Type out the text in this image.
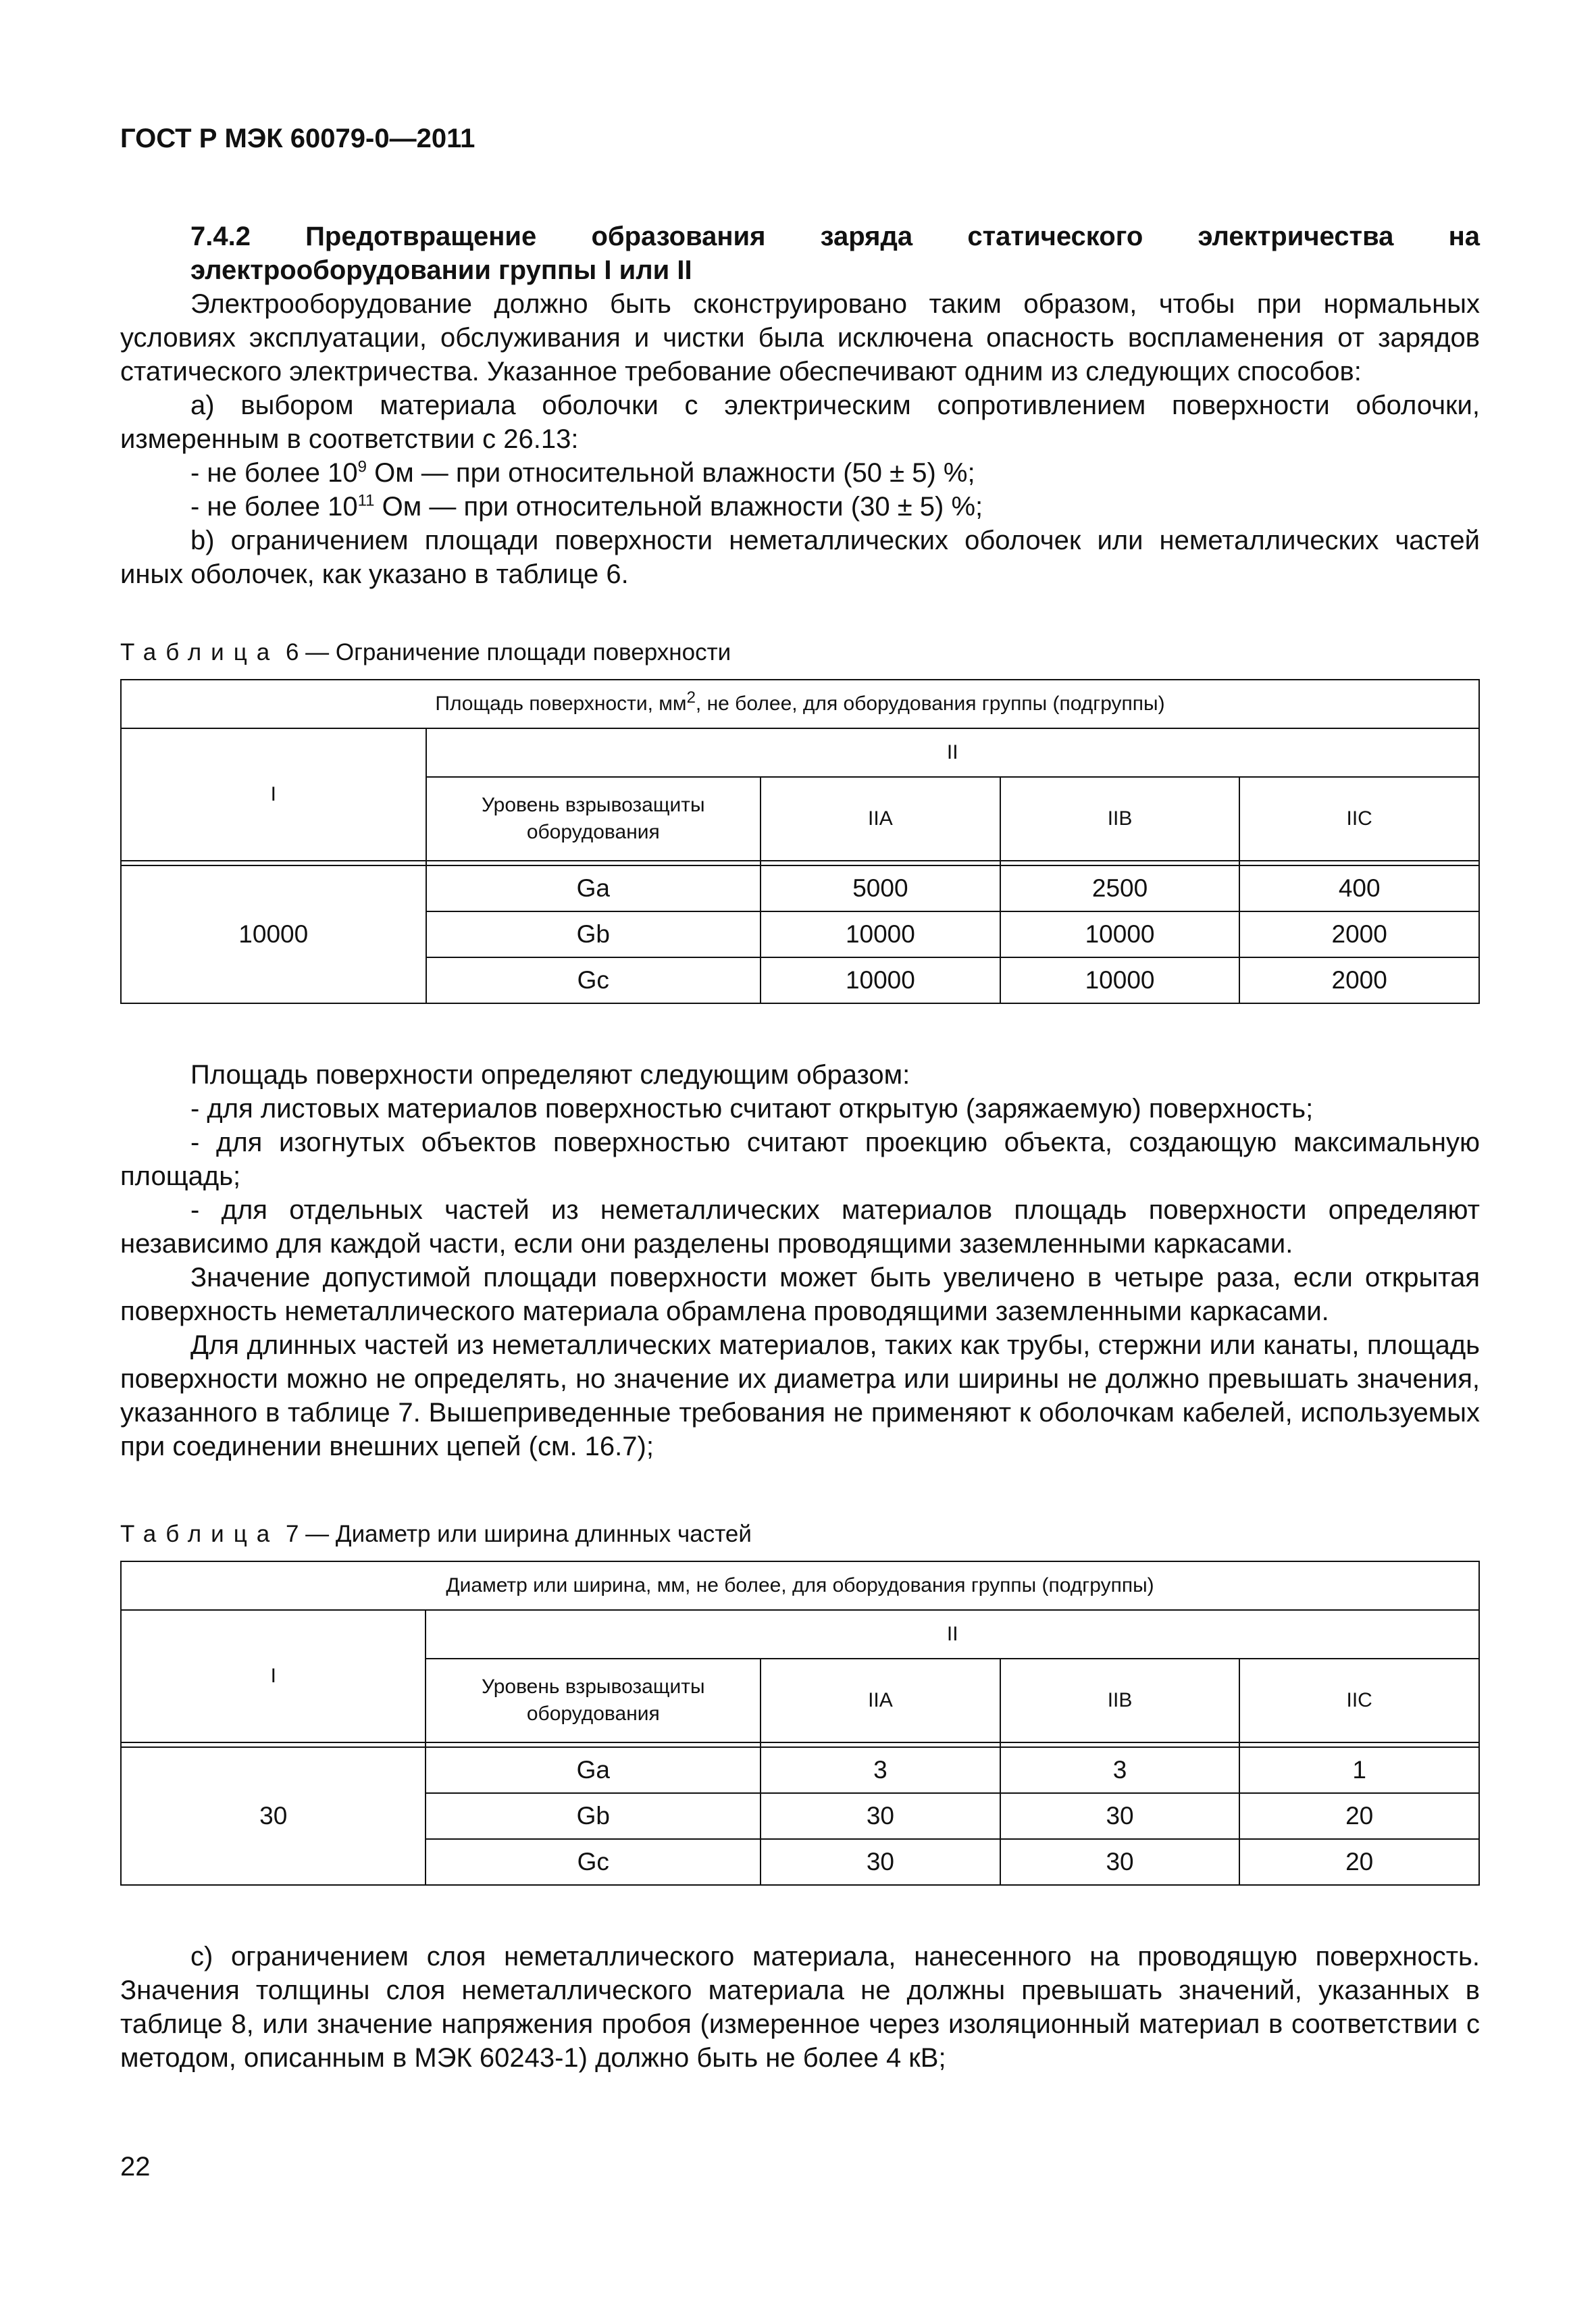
ГОСТ Р МЭК 60079-0—2011
7.4.2 Предотвращение образования заряда статического электричества на
электрооборудовании группы I или II

Электрооборудование должно быть сконструировано таким образом, чтобы при нормальных условиях эксплуатации, обслуживания и чистки была исключена опасность воспламенения от зарядов статического электричества. Указанное требование обеспечивают одним из следующих способов:

а) выбором материала оболочки с электрическим сопротивлением поверхности оболочки, измеренным в соответствии с 26.13:

- не более $10^9$ Ом — при относительной влажности (50 ± 5) %;

- не более $10^{11}$ Ом — при относительной влажности (30 ± 5) %;

b) ограничением площади поверхности неметаллических оболочек или неметаллических частей иных оболочек, как указано в таблице 6.

Таблица 6 — Ограничение площади поверхности
Площадь поверхности, $мм^2$, не более, для оборудования группы (подгруппы)				
I	II			
	Уровень взрывозащиты оборудования	IIA	IIB	IIC

10000	Ga	5000	2500	400
	Gb	10000	10000	2000
	Gc	10000	10000	2000

Площадь поверхности определяют следующим образом:

- для листовых материалов поверхностью считают открытую (заряжаемую) поверхность;

- для изогнутых объектов поверхностью считают проекцию объекта, создающую максимальную площадь;

- для отдельных частей из неметаллических материалов площадь поверхности определяют независимо для каждой части, если они разделены проводящими заземленными каркасами.

Значение допустимой площади поверхности может быть увеличено в четыре раза, если открытая поверхность неметаллического материала обрамлена проводящими заземленными каркасами.

Для длинных частей из неметаллических материалов, таких как трубы, стержни или канаты, площадь поверхности можно не определять, но значение их диаметра или ширины не должно превышать значения, указанного в таблице 7. Вышеприведенные требования не применяют к оболочкам кабелей, используемых при соединении внешних цепей (см. 16.7);

Таблица 7 — Диаметр или ширина длинных частей
Диаметр или ширина, мм, не более, для оборудования группы (подгруппы)				
I	II			
	Уровень взрывозащиты оборудования	IIA	IIB	IIC

30	Ga	3	3	1
	Gb	30	30	20
	Gc	30	30	20

с) ограничением слоя неметаллического материала, нанесенного на проводящую поверхность. Значения толщины слоя неметаллического материала не должны превышать значений, указанных в таблице 8, или значение напряжения пробоя (измеренное через изоляционный материал в соответствии с методом, описанным в МЭК 60243-1) должно быть не более 4 кВ;

22
